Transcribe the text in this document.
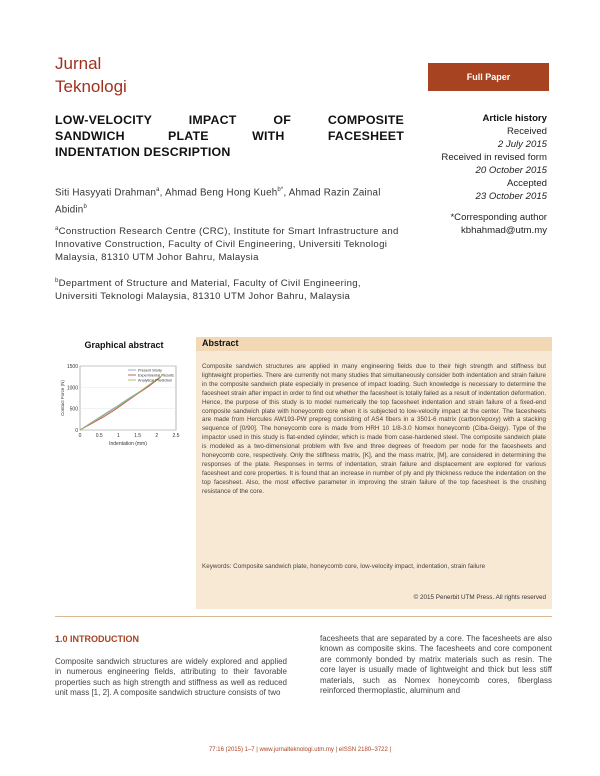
Jurnal
Teknologi	Full Paper
LOW-VELOCITY IMPACT OF COMPOSITE
SANDWICH PLATE WITH FACESHEET
INDENTATION DESCRIPTION
Article history
Received
2 July 2015
Received in revised form
20 October 2015
Accepted
23 October 2015
*Corresponding author
kbhahmad@utm.my
Siti Hasyyati Drahman$^a$, Ahmad Beng Hong Kueh$^{b*}$, Ahmad Razin Zainal Abidin$^b$
$^a$Construction Research Centre (CRC), Institute for Smart Infrastructure and Innovative Construction, Faculty of Civil Engineering, Universiti Teknologi Malaysia, 81310 UTM Johor Bahru, Malaysia
$^b$Department of Structure and Material, Faculty of Civil Engineering, Universiti Teknologi Malaysia, 81310 UTM Johor Bahru, Malaysia
Graphical abstract
0
500
1000
1500
0	0.5	1	1.5	2	2.5
Indentation (mm)
Contact Force (N)
Present Study
Experimental Results
Analytical Prediction
Abstract
Composite sandwich structures are applied in many engineering fields due to their high strength and stiffness but lightweight properties. There are currently not many studies that simultaneously consider both indentation and strain failure in the composite sandwich plate especially in presence of impact loading. Such knowledge is necessary to determine the facesheet strain after impact in order to find out whether the facesheet is totally failed as a result of indentation deformation. Hence, the purpose of this study is to model numerically the top facesheet indentation and strain failure of a fixed-end composite sandwich plate with honeycomb core when it is subjected to low-velocity impact at the center. The facesheets are made from Hercules AW193-PW prepreg consisting of AS4 fibers in a 3501-6 matrix (carbon/epoxy) with a stacking sequence of [0/90]. The honeycomb core is made from HRH 10 1/8-3.0 Nomex honeycomb (Ciba-Geigy). Type of the impactor used in this study is flat-ended cylinder, which is made from case-hardened steel. The composite sandwich plate is modeled as a two-dimensional problem with five and three degrees of freedom per node for the facesheets and honeycomb core, respectively. Only the stiffness matrix, [K], and the mass matrix, [M], are considered in determining the responses of the plate. Responses in terms of indentation, strain failure and displacement are explored for various facesheet and core properties. It is found that an increase in number of ply and ply thickness reduce the indentation on the top facesheet. Also, the most effective parameter in improving the strain failure of the top facesheet is the crushing resistance of the core.
Keywords: Composite sandwich plate, honeycomb core, low-velocity impact, indentation, strain failure
© 2015 Penerbit UTM Press. All rights reserved
1.0 INTRODUCTION
Composite sandwich structures are widely explored and applied in numerous engineering fields, attributing to their favorable properties such as high strength and stiffness as well as reduced unit mass [1, 2]. A composite sandwich structure consists of two
facesheets that are separated by a core. The facesheets are also known as composite skins. The facesheets and core component are commonly bonded by matrix materials such as resin. The core layer is usually made of lightweight and thick but less stiff materials, such as Nomex honeycomb cores, fiberglass reinforced thermoplastic, aluminum and
77:16 (2015) 1–7 | www.jurnalteknologi.utm.my | eISSN 2180–3722 |
